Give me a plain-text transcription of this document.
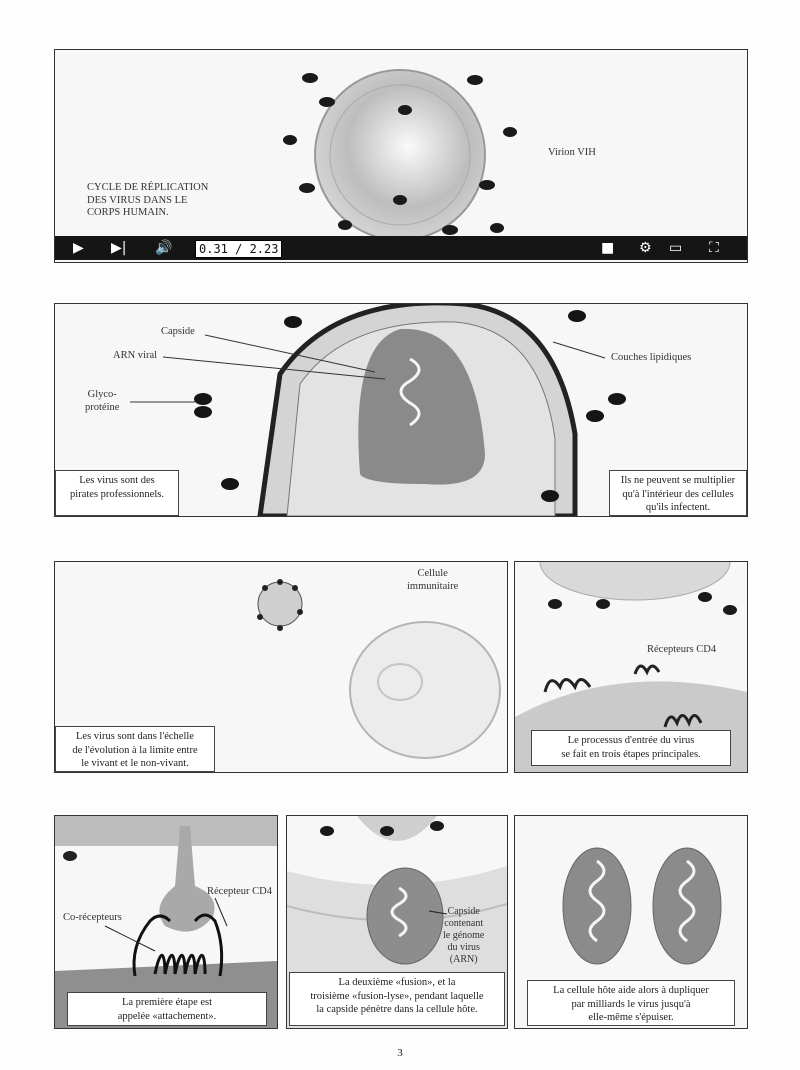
CYCLE DE RÉPLICATION
DES VIRUS DANS LE
CORPS HUMAIN.
Virion VIH
▶ ▶| 🔊	0.31 / 2.23	■ ⚙ ▭ ⛶
Capside
ARN viral
Glyco-
protéine
Couches lipidiques
Les virus sont des
pirates professionnels.
Ils ne peuvent se multiplier
qu'à l'intérieur des cellules
qu'ils infectent.
Cellule
immunitaire
Les virus sont dans l'échelle
de l'évolution à la limite entre
le vivant et le non-vivant.
Récepteurs CD4
Le processus d'entrée du virus
se fait en trois étapes principales.
Récepteur CD4
Co-récepteurs
La première étape est
appelée «attachement».
Capside
contenant
le génome
du virus
(ARN)
La deuxième «fusion», et la
troisième «fusion-lyse», pendant laquelle
la capside pénètre dans la cellule hôte.
La cellule hôte aide alors à dupliquer
par milliards le virus jusqu'à
elle-même s'épuiser.
3
